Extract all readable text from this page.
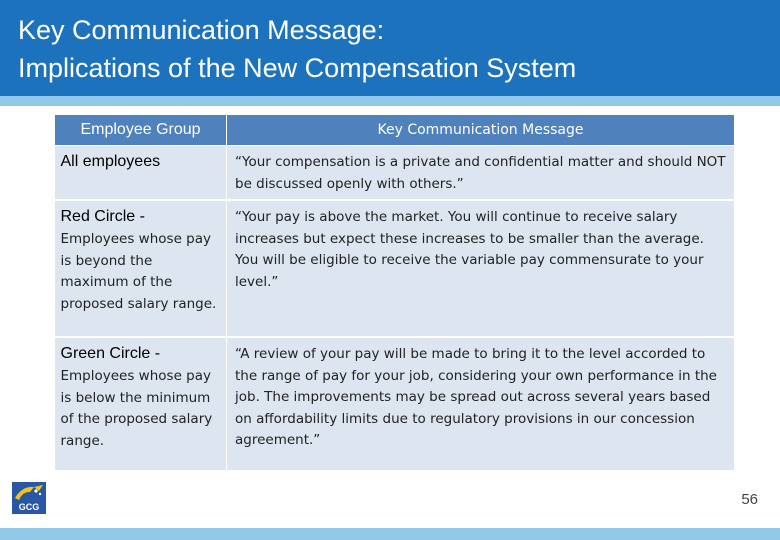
Key Communication Message:
Implications of the New Compensation System
Employee Group	Key Communication Message

All employees	“Your compensation is a private and confidential matter and should NOT be discussed openly with others.”

Red Circle -
Employees whose pay is beyond the maximum of the proposed salary range.	“Your pay is above the market. You will continue to receive salary increases but expect these increases to be smaller than the average. You will be eligible to receive the variable pay commensurate to your level.”

Green Circle -
Employees whose pay is below the minimum of the proposed salary range.	“A review of your pay will be made to bring it to the level accorded to the range of pay for your job, considering your own performance in the job. The improvements may be spread out across several years based on affordability limits due to regulatory provisions in our concession agreement.”
GCG	56
